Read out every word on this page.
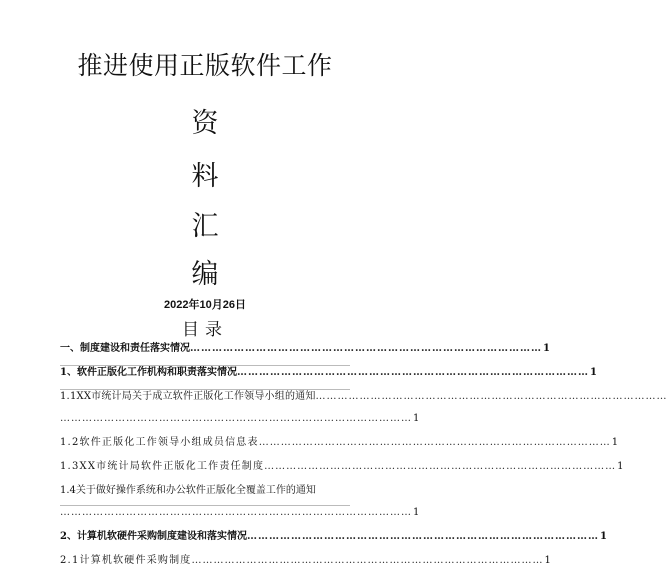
推进使用正版软件工作
资
料
汇
编
2022年10月26日
目录
一、制度建设和责任落实情况 …………………………………………………………………………………… 1
1、软件正版化工作机构和职责落实情况 …………………………………………………………………………………… 1
1.1XX市统计局关于成立软件正版化工作领导小组的通知 ……………………………………………………………………………………
…………………………………………………………………………………… 1
1.2软件正版化工作领导小组成员信息表 …………………………………………………………………………………… 1
1.3XX市统计局软件正版化工作责任制度 …………………………………………………………………………………… 1
1.4关于做好操作系统和办公软件正版化全覆盖工作的通知
…………………………………………………………………………………… 1
2、计算机软硬件采购制度建设和落实情况 …………………………………………………………………………………… 1
2.1计算机软硬件采购制度 …………………………………………………………………………………… 1
